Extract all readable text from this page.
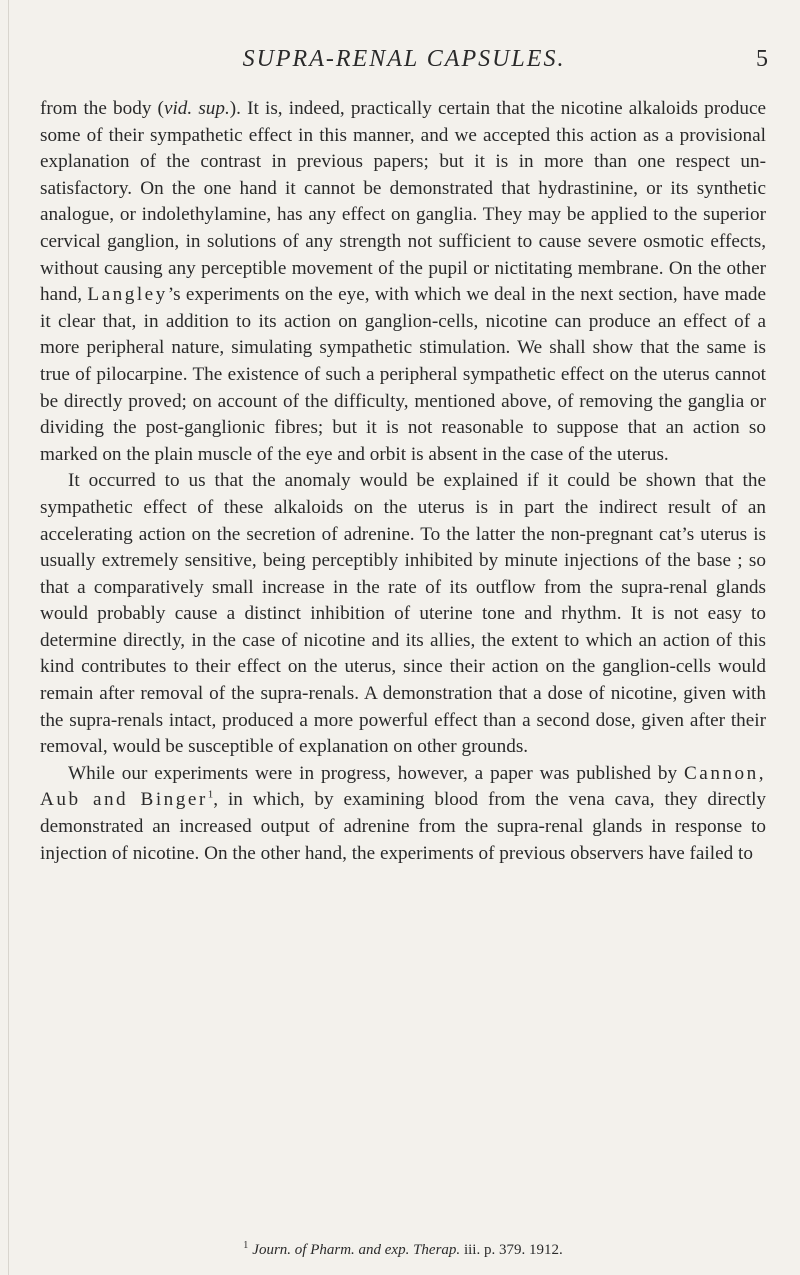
SUPRA-RENAL CAPSULES.	5

from the body (vid. sup.). It is, indeed, practically certain that the nicotine alkaloids produce some of their sympathetic effect in this manner, and we accepted this action as a provisional explanation of the contrast in previous papers; but it is in more than one respect un-satisfactory. On the one hand it cannot be demonstrated that hydrastinine, or its synthetic analogue, or indolethylamine, has any effect on ganglia. They may be applied to the superior cervical ganglion, in solutions of any strength not sufficient to cause severe osmotic effects, without causing any perceptible movement of the pupil or nictitating membrane. On the other hand, Langley’s experiments on the eye, with which we deal in the next section, have made it clear that, in addition to its action on ganglion-cells, nicotine can produce an effect of a more peripheral nature, simulating sympathetic stimulation. We shall show that the same is true of pilocarpine. The existence of such a peripheral sympathetic effect on the uterus cannot be directly proved; on account of the difficulty, mentioned above, of removing the ganglia or dividing the post-ganglionic fibres; but it is not reasonable to suppose that an action so marked on the plain muscle of the eye and orbit is absent in the case of the uterus.

It occurred to us that the anomaly would be explained if it could be shown that the sympathetic effect of these alkaloids on the uterus is in part the indirect result of an accelerating action on the secretion of adrenine. To the latter the non-pregnant cat’s uterus is usually extremely sensitive, being perceptibly inhibited by minute injections of the base ; so that a comparatively small increase in the rate of its outflow from the supra-renal glands would probably cause a distinct inhibition of uterine tone and rhythm. It is not easy to determine directly, in the case of nicotine and its allies, the extent to which an action of this kind contributes to their effect on the uterus, since their action on the ganglion-cells would remain after removal of the supra-renals. A demonstration that a dose of nicotine, given with the supra-renals intact, produced a more powerful effect than a second dose, given after their removal, would be susceptible of explanation on other grounds.

While our experiments were in progress, however, a paper was published by Cannon, Aub and Binger$^1$, in which, by examining blood from the vena cava, they directly demonstrated an increased output of adrenine from the supra-renal glands in response to injection of nicotine. On the other hand, the experiments of previous observers have failed to

$^1$ Journ. of Pharm. and exp. Therap. iii. p. 379. 1912.
